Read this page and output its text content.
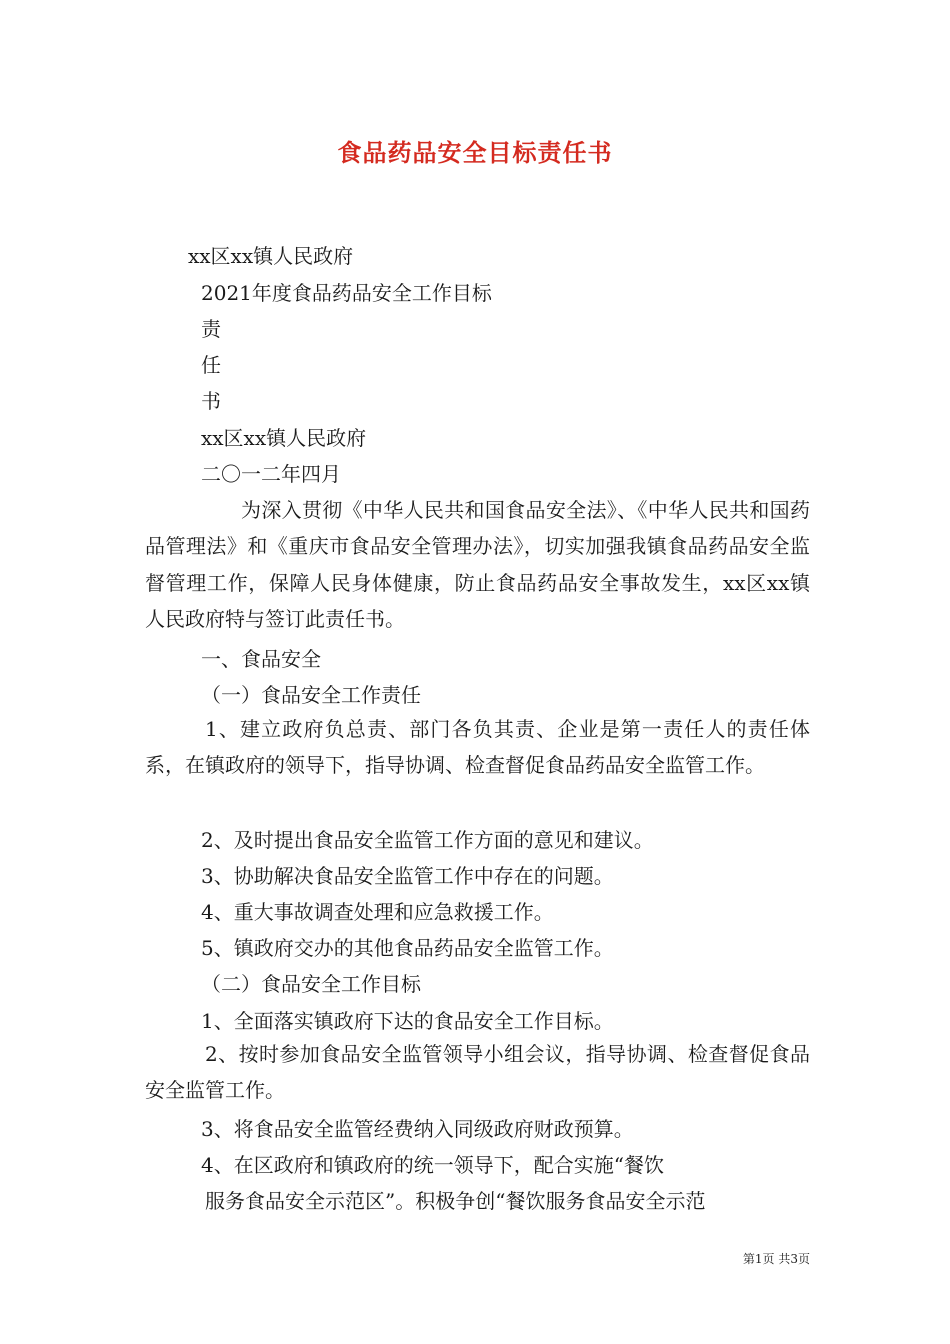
食品药品安全目标责任书
xx区xx镇人民政府
2021年度食品药品安全工作目标
责
任
书
xx区xx镇人民政府
二〇一二年四月
为深入贯彻《中华人民共和国食品安全法》、《中华人民共和国药品管理法》和《重庆市食品安全管理办法》，切实加强我镇食品药品安全监督管理工作，保障人民身体健康，防止食品药品安全事故发生，xx区xx镇人民政府特与签订此责任书。
一、食品安全
（一）食品安全工作责任
1、建立政府负总责、部门各负其责、企业是第一责任人的责任体系，在镇政府的领导下，指导协调、检查督促食品药品安全监管工作。
2、及时提出食品安全监管工作方面的意见和建议。
3、协助解决食品安全监管工作中存在的问题。
4、重大事故调查处理和应急救援工作。
5、镇政府交办的其他食品药品安全监管工作。
（二）食品安全工作目标
1、全面落实镇政府下达的食品安全工作目标。
2、按时参加食品安全监管领导小组会议，指导协调、检查督促食品安全监管工作。
3、将食品安全监管经费纳入同级政府财政预算。
4、在区政府和镇政府的统一领导下，配合实施“餐饮
服务食品安全示范区”。积极争创“餐饮服务食品安全示范
第1页 共3页
